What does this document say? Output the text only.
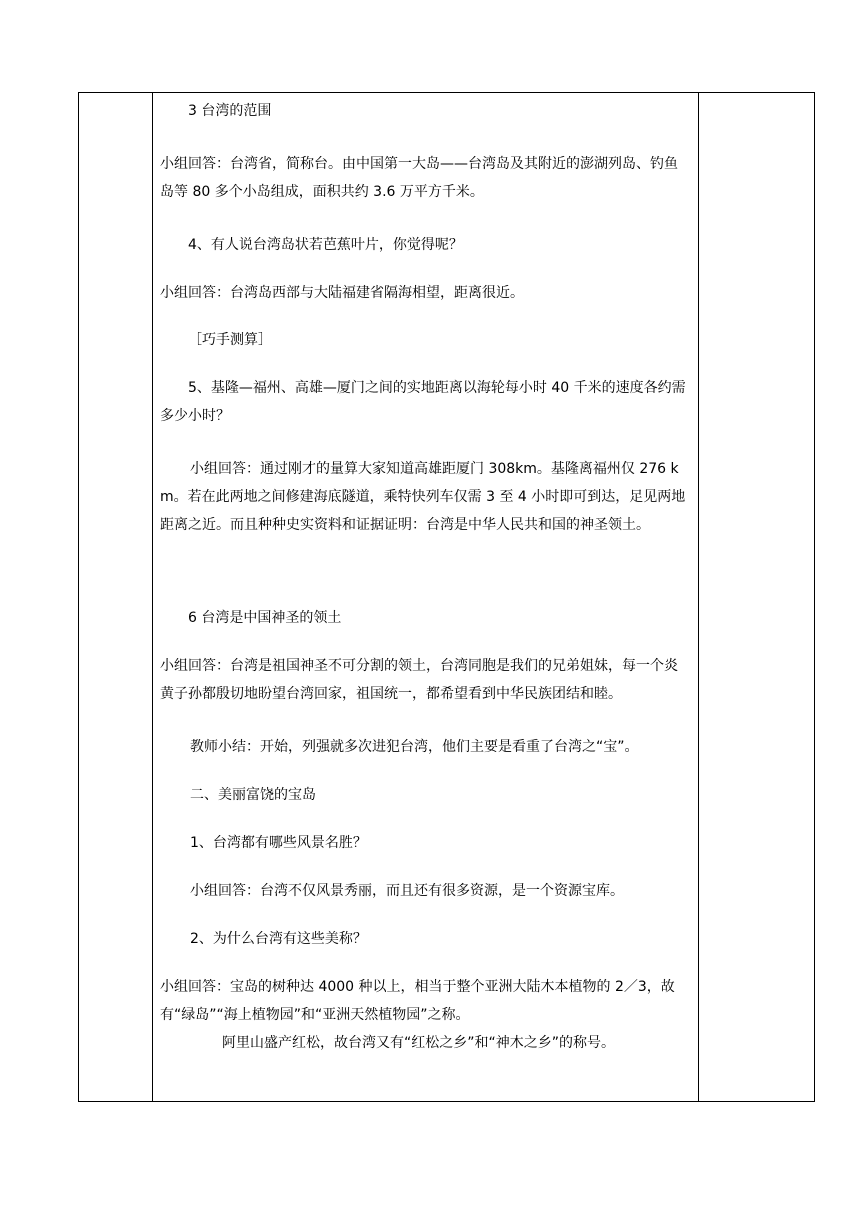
3 台湾的范围

小组回答：台湾省，简称台。由中国第一大岛——台湾岛及其附近的澎湖列岛、钓鱼岛等 80 多个小岛组成，面积共约 3.6 万平方千米。

4、有人说台湾岛状若芭蕉叶片，你觉得呢？

小组回答：台湾岛西部与大陆福建省隔海相望，距离很近。

［巧手测算］

5、基隆—福州、高雄—厦门之间的实地距离以海轮每小时 40 千米的速度各约需多少小时？

小组回答：通过刚才的量算大家知道高雄距厦门 308km。基隆离福州仅 276 km。若在此两地之间修建海底隧道，乘特快列车仅需 3 至 4 小时即可到达，足见两地距离之近。而且种种史实资料和证据证明：台湾是中华人民共和国的神圣领土。

6 台湾是中国神圣的领土

小组回答：台湾是祖国神圣不可分割的领土，台湾同胞是我们的兄弟姐妹，每一个炎黄子孙都殷切地盼望台湾回家，祖国统一，都希望看到中华民族团结和睦。

教师小结：开始，列强就多次进犯台湾，他们主要是看重了台湾之“宝”。

二、美丽富饶的宝岛

1、台湾都有哪些风景名胜？

小组回答：台湾不仅风景秀丽，而且还有很多资源，是一个资源宝库。

2、为什么台湾有这些美称？

小组回答：宝岛的树种达 4000 种以上，相当于整个亚洲大陆木本植物的 2／3，故有“绿岛”“海上植物园”和“亚洲天然植物园”之称。

阿里山盛产红松，故台湾又有“红松之乡”和“神木之乡”的称号。
